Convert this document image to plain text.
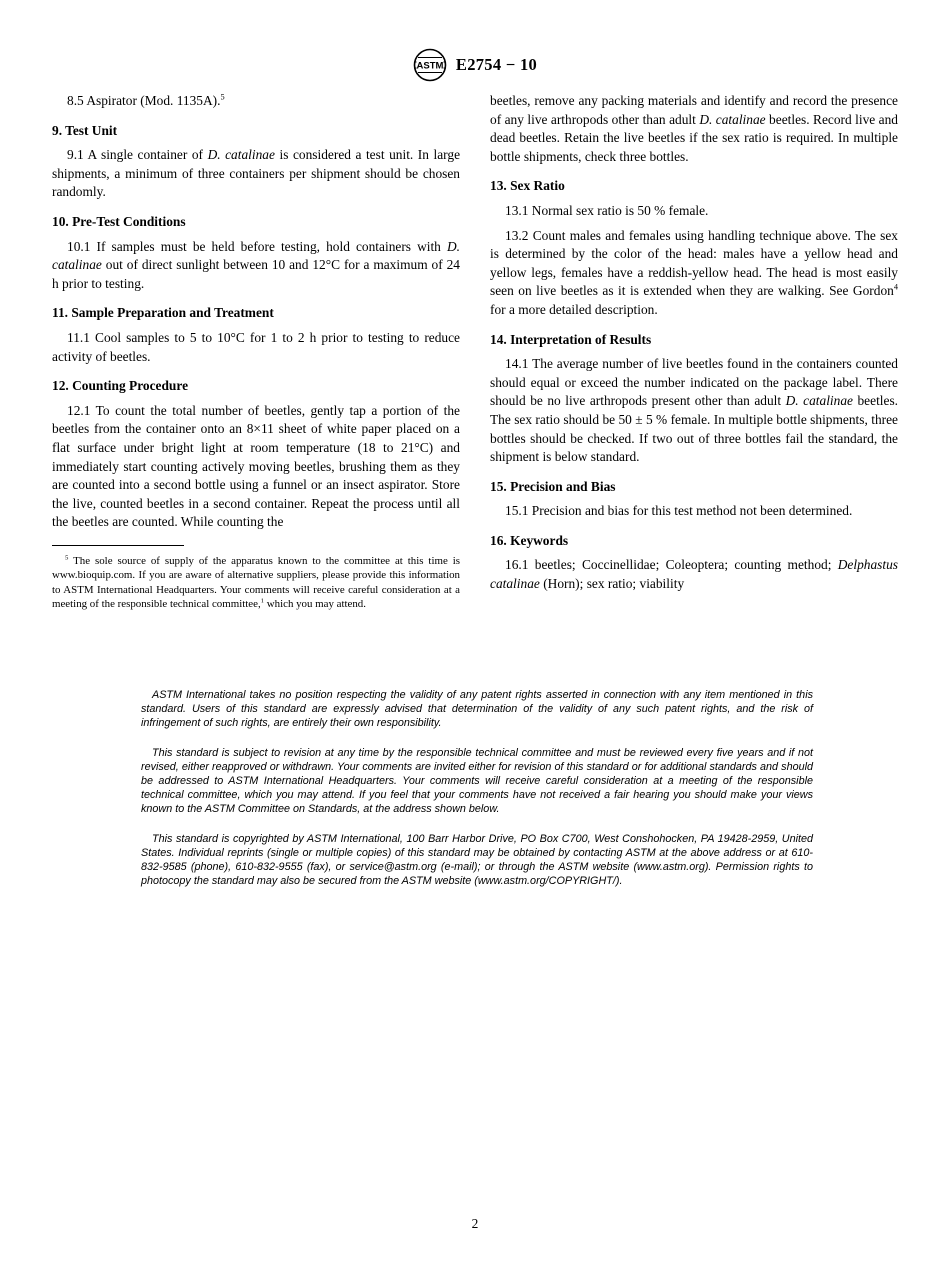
ASTM E2754 − 10

8.5 Aspirator (Mod. 1135A).$^5$

9. Test Unit

9.1 A single container of D. catalinae is considered a test unit. In large shipments, a minimum of three containers per shipment should be chosen randomly.

10. Pre-Test Conditions

10.1 If samples must be held before testing, hold containers with D. catalinae out of direct sunlight between 10 and 12°C for a maximum of 24 h prior to testing.

11. Sample Preparation and Treatment

11.1 Cool samples to 5 to 10°C for 1 to 2 h prior to testing to reduce activity of beetles.

12. Counting Procedure

12.1 To count the total number of beetles, gently tap a portion of the beetles from the container onto an 8×11 sheet of white paper placed on a flat surface under bright light at room temperature (18 to 21°C) and immediately start counting actively moving beetles, brushing them as they are counted into a second bottle using a funnel or an insect aspirator. Store the live, counted beetles in a second container. Repeat the process until all the beetles are counted. While counting the

$^5$ The sole source of supply of the apparatus known to the committee at this time is www.bioquip.com. If you are aware of alternative suppliers, please provide this information to ASTM International Headquarters. Your comments will receive careful consideration at a meeting of the responsible technical committee,$^1$ which you may attend.

beetles, remove any packing materials and identify and record the presence of any live arthropods other than adult D. catalinae beetles. Record live and dead beetles. Retain the live beetles if the sex ratio is required. In multiple bottle shipments, check three bottles.

13. Sex Ratio

13.1 Normal sex ratio is 50 % female.

13.2 Count males and females using handling technique above. The sex is determined by the color of the head: males have a yellow head and yellow legs, females have a reddish-yellow head. The head is most easily seen on live beetles as it is extended when they are walking. See Gordon$^4$ for a more detailed description.

14. Interpretation of Results

14.1 The average number of live beetles found in the containers counted should equal or exceed the number indicated on the package label. There should be no live arthropods present other than adult D. catalinae beetles. The sex ratio should be 50 ± 5 % female. In multiple bottle shipments, three bottles should be checked. If two out of three bottles fail the standard, the shipment is below standard.

15. Precision and Bias

15.1 Precision and bias for this test method not been determined.

16. Keywords

16.1 beetles; Coccinellidae; Coleoptera; counting method; Delphastus catalinae (Horn); sex ratio; viability

ASTM International takes no position respecting the validity of any patent rights asserted in connection with any item mentioned in this standard. Users of this standard are expressly advised that determination of the validity of any such patent rights, and the risk of infringement of such rights, are entirely their own responsibility.

This standard is subject to revision at any time by the responsible technical committee and must be reviewed every five years and if not revised, either reapproved or withdrawn. Your comments are invited either for revision of this standard or for additional standards and should be addressed to ASTM International Headquarters. Your comments will receive careful consideration at a meeting of the responsible technical committee, which you may attend. If you feel that your comments have not received a fair hearing you should make your views known to the ASTM Committee on Standards, at the address shown below.

This standard is copyrighted by ASTM International, 100 Barr Harbor Drive, PO Box C700, West Conshohocken, PA 19428-2959, United States. Individual reprints (single or multiple copies) of this standard may be obtained by contacting ASTM at the above address or at 610-832-9585 (phone), 610-832-9555 (fax), or service@astm.org (e-mail); or through the ASTM website (www.astm.org). Permission rights to photocopy the standard may also be secured from the ASTM website (www.astm.org/COPYRIGHT/).

2
